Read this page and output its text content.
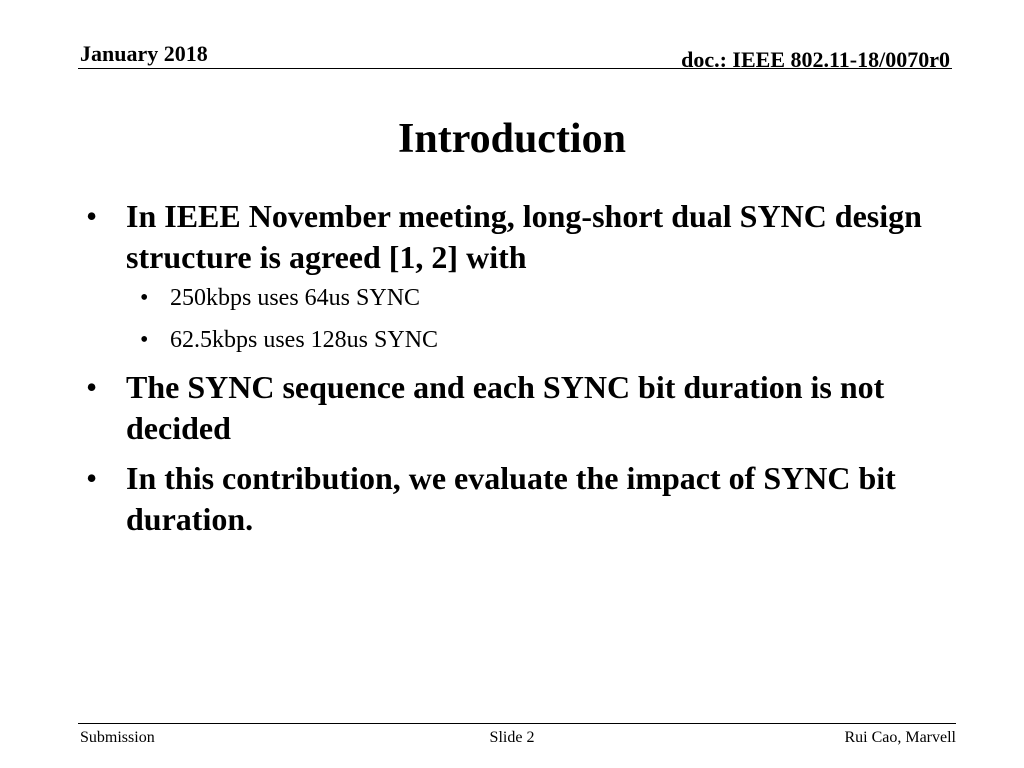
January 2018	doc.: IEEE 802.11-18/0070r0
Introduction
• In IEEE November meeting, long-short dual SYNC design structure is agreed [1, 2] with
• 250kbps uses 64us SYNC
• 62.5kbps uses 128us SYNC
• The SYNC sequence and each SYNC bit duration is not decided
• In this contribution, we evaluate the impact of SYNC bit duration.
Submission	Slide 2	Rui Cao, Marvell
